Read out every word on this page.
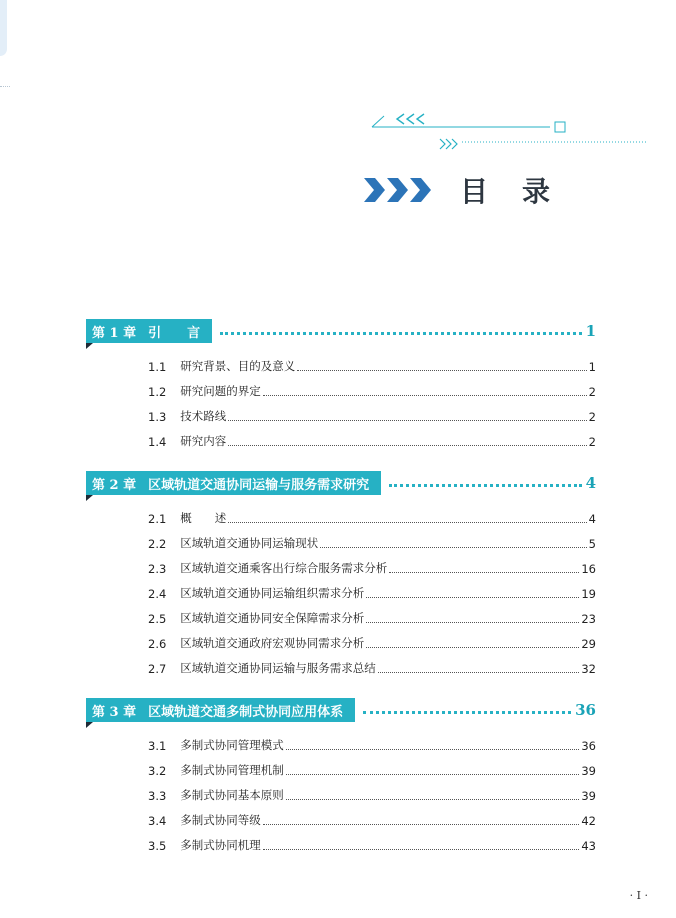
目录
第 1 章 引　　言	1
1.1 研究背景、目的及意义	1
1.2 研究问题的界定	2
1.3 技术路线	2
1.4 研究内容	2
第 2 章 区域轨道交通协同运输与服务需求研究	4
2.1 概　　述	4
2.2 区域轨道交通协同运输现状	5
2.3 区域轨道交通乘客出行综合服务需求分析	16
2.4 区域轨道交通协同运输组织需求分析	19
2.5 区域轨道交通协同安全保障需求分析	23
2.6 区域轨道交通政府宏观协同需求分析	29
2.7 区域轨道交通协同运输与服务需求总结	32
第 3 章 区域轨道交通多制式协同应用体系	36
3.1 多制式协同管理模式	36
3.2 多制式协同管理机制	39
3.3 多制式协同基本原则	39
3.4 多制式协同等级	42
3.5 多制式协同机理	43
· I ·
